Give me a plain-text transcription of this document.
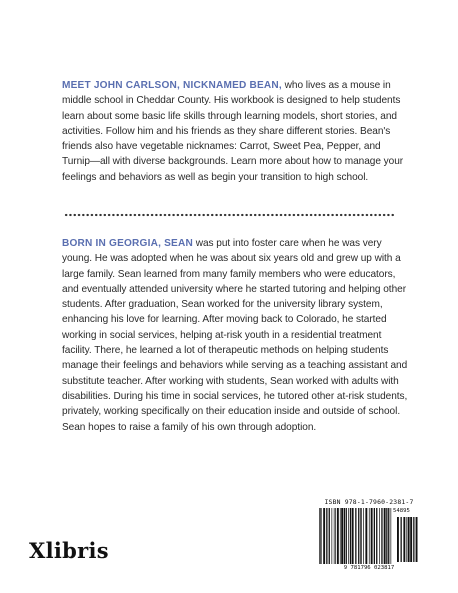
MEET JOHN CARLSON, NICKNAMED BEAN, who lives as a mouse in middle school in Cheddar County. His workbook is designed to help students learn about some basic life skills through learning models, short stories, and activities. Follow him and his friends as they share different stories. Bean's friends also have vegetable nicknames: Carrot, Sweet Pea, Pepper, and Turnip—all with diverse backgrounds. Learn more about how to manage your feelings and behaviors as well as begin your transition to high school.
BORN IN GEORGIA, SEAN was put into foster care when he was very young. He was adopted when he was about six years old and grew up with a large family. Sean learned from many family members who were educators, and eventually attended university where he started tutoring and helping other students. After graduation, Sean worked for the university library system, enhancing his love for learning. After moving back to Colorado, he started working in social services, helping at-risk youth in a residential treatment facility. There, he learned a lot of therapeutic methods on helping students manage their feelings and behaviors while serving as a teaching assistant and substitute teacher. After working with students, Sean worked with adults with disabilities. During his time in social services, he tutored other at-risk students, privately, working specifically on their education inside and outside of school. Sean hopes to raise a family of his own through adoption.
Xlibris
ISBN 978-1-7960-2381-7
54895
9 781796 023817
